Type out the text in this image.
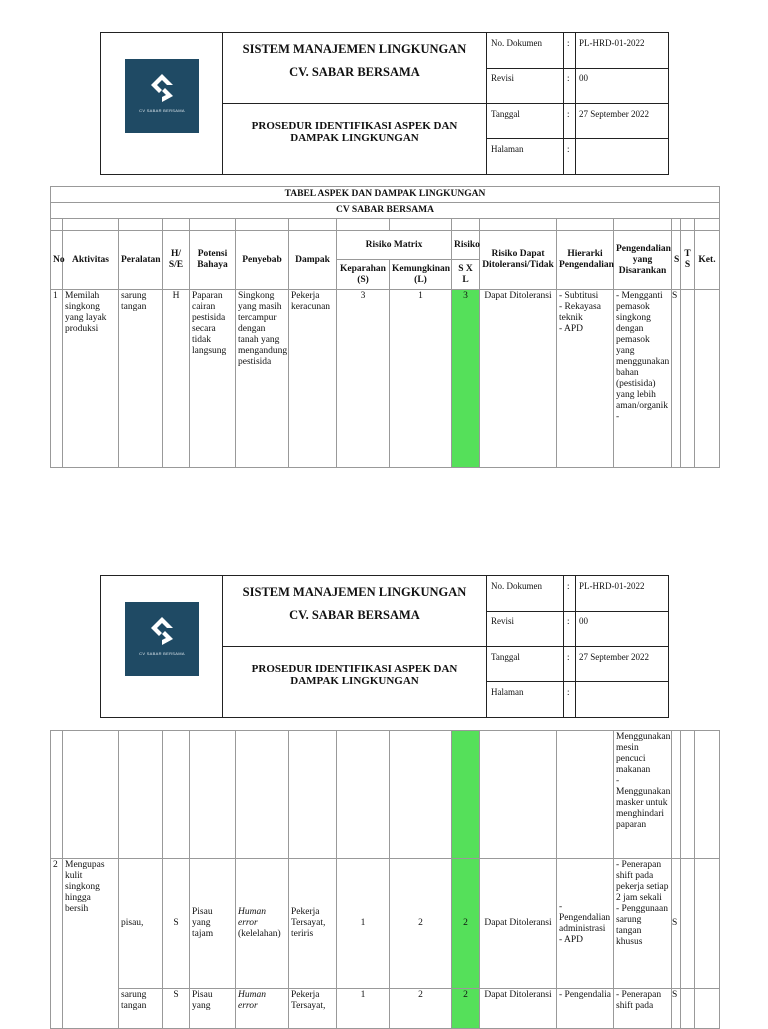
CV SABAR BERSAMA
SISTEM MANAJEMEN LINGKUNGAN
CV. SABAR BERSAMA
PROSEDUR IDENTIFIKASI ASPEK DAN
DAMPAK LINGKUNGAN
No. Dokumen	: PL-HRD-01-2022
Revisi	: 00
Tanggal	: 27 September 2022
Halaman	:
TABEL ASPEK DAN DAMPAK LINGKUNGAN															
CV SABAR BERSAMA															

No	Aktivitas	Peralatan	H/ S/E	Potensi Bahaya	Penyebab	Dampak	Risiko Matrix		Risiko	Risiko Dapat Ditoleransi/Tidak	Hierarki Pengendalian	Pengendalian yang Disarankan	S	T S	Ket.
							Keparahan (S)	Kemungkinan (L)	S X L						
1	Memilah singkong yang layak produksi	sarung tangan	H	Paparan cairan pestisida secara tidak langsung	Singkong yang masih tercampur dengan tanah yang mengandung pestisida	Pekerja keracunan	3	1	3	Dapat Ditoleransi	- Subtitusi
- Rekayasa teknik
- APD	- Mengganti pemasok singkong dengan pemasok yang menggunakan bahan (pestisida) yang lebih aman/organik
-	S		
CV SABAR BERSAMA
SISTEM MANAJEMEN LINGKUNGAN
CV. SABAR BERSAMA
PROSEDUR IDENTIFIKASI ASPEK DAN
DAMPAK LINGKUNGAN
No. Dokumen	: PL-HRD-01-2022
Revisi	: 00
Tanggal	: 27 September 2022
Halaman	:
												Menggunakan mesin pencuci makanan
- Menggunakan masker untuk menghindari paparan			
2	Mengupas kulit singkong hingga bersih	pisau,	S	Pisau yang tajam	Human error (kelelahan)	Pekerja Tersayat, teriris	1	2	2	Dapat Ditoleransi	- Pengendalian administrasi
- APD	- Penerapan shift pada pekerja setiap 2 jam sekali
- Penggunaan sarung tangan khusus	S		
		sarung tangan	S	Pisau yang	Human error	Pekerja Tersayat,	1	2	2	Dapat Ditoleransi	- Pengendalia	- Penerapan shift pada	S		
